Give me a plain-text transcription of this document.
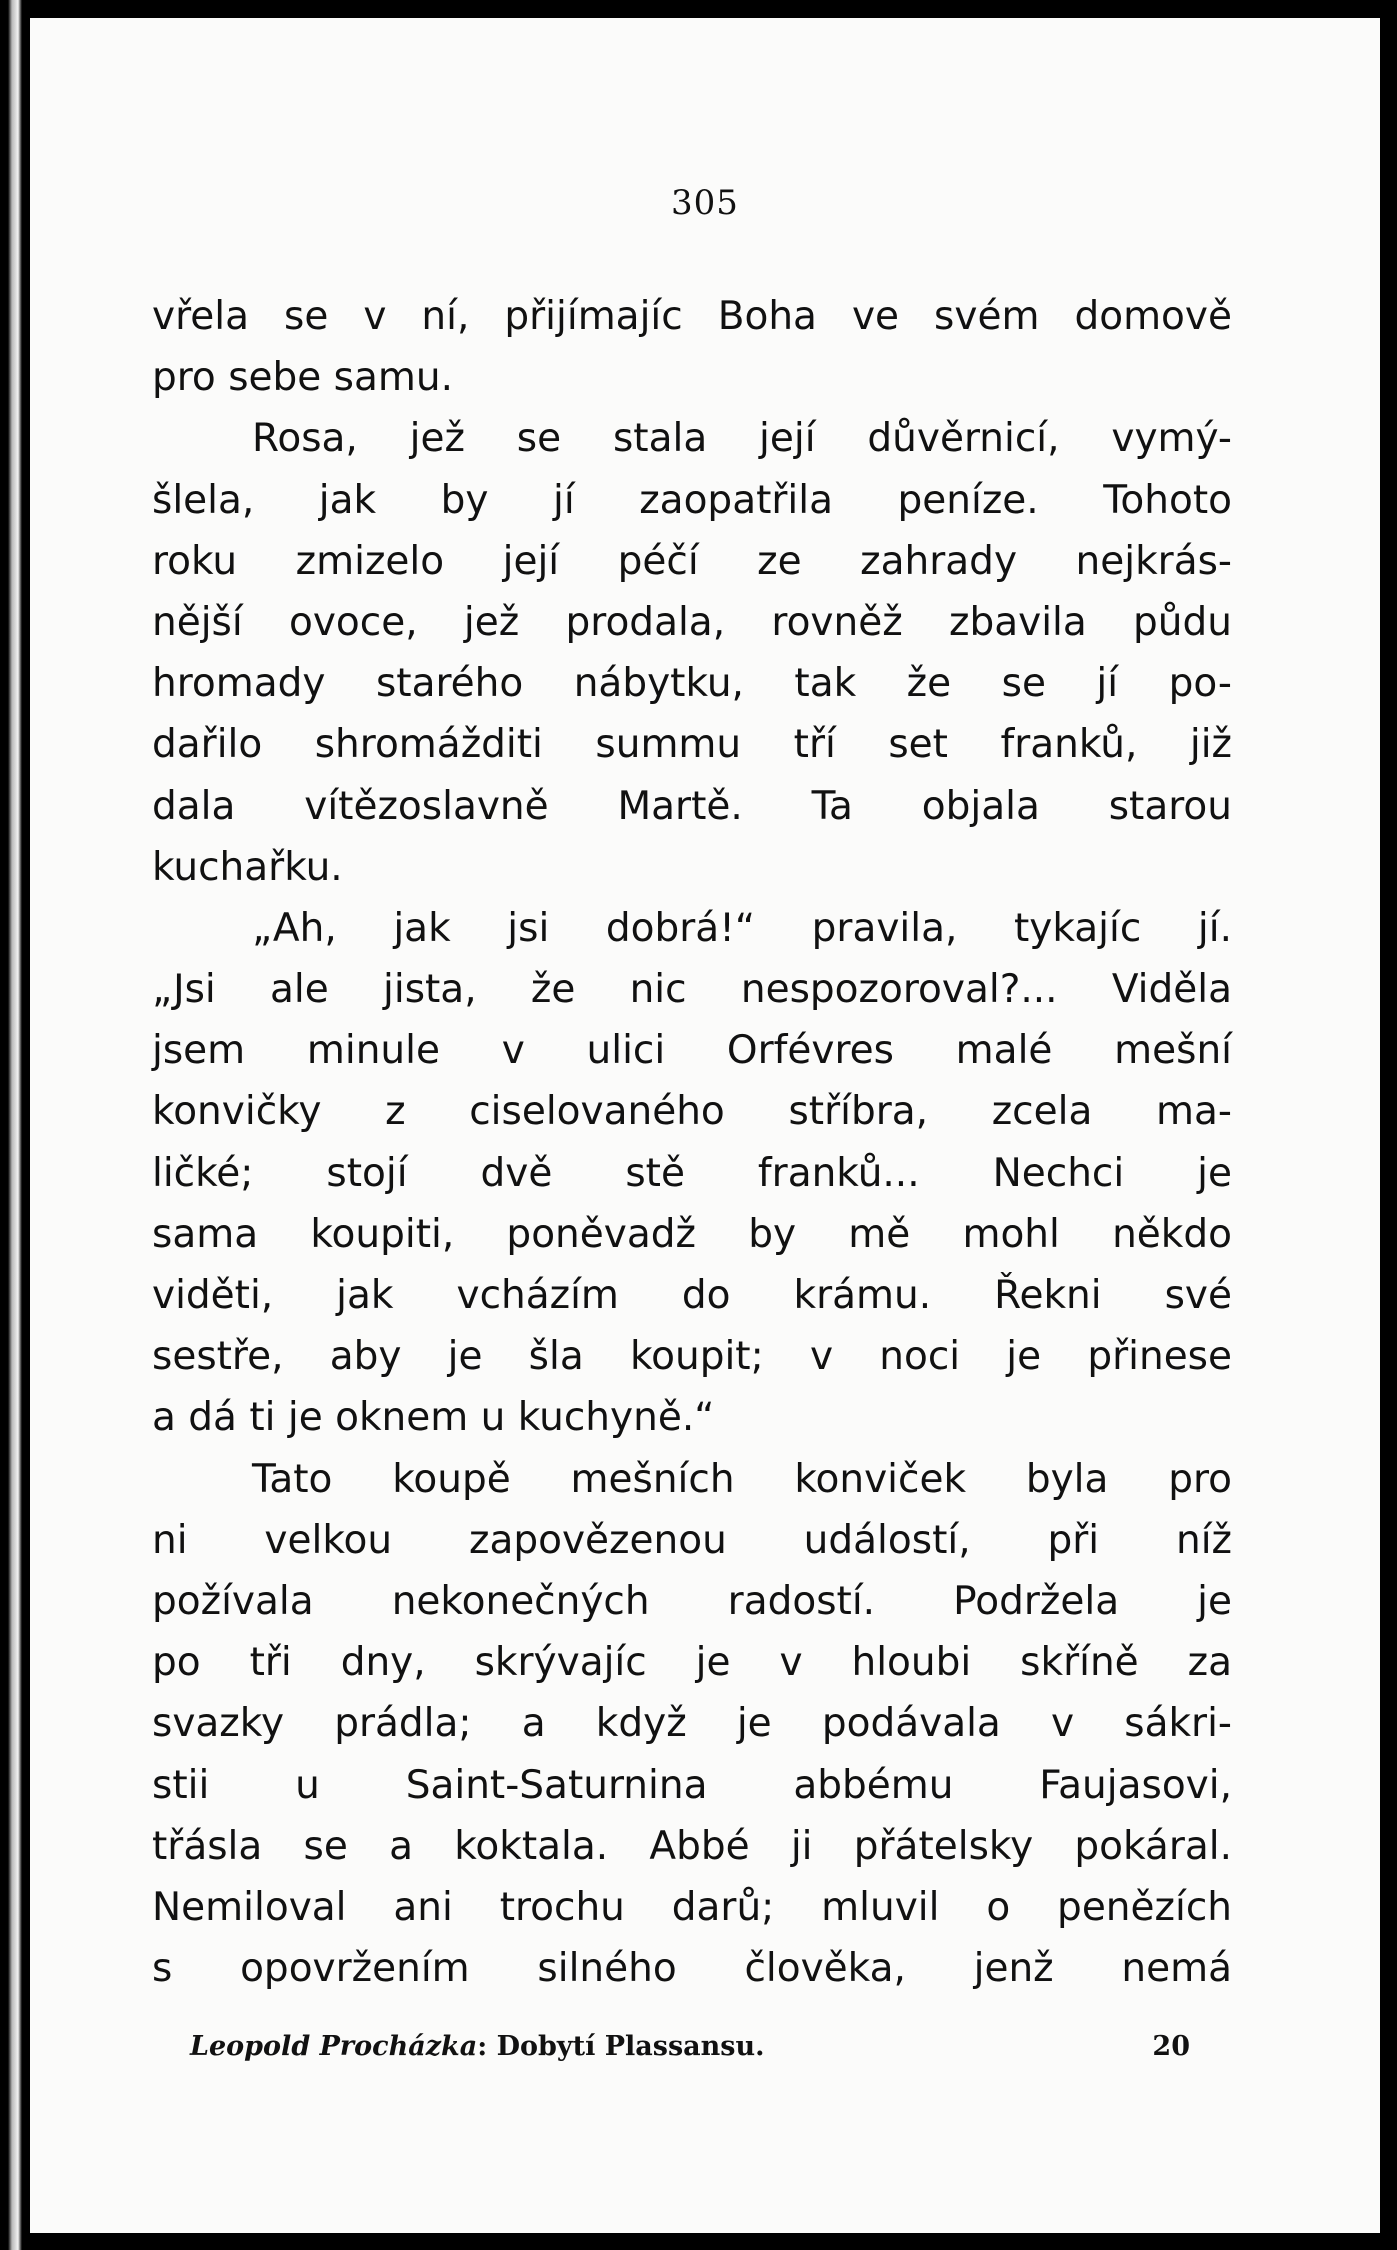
305
vřela se v ní, přijímajíc Boha ve svém domově
pro sebe samu.
Rosa, jež se stala její důvěrnicí, vymý-
šlela, jak by jí zaopatřila peníze. Tohoto
roku zmizelo její péčí ze zahrady nejkrás-
nější ovoce, jež prodala, rovněž zbavila půdu
hromady starého nábytku, tak že se jí po-
dařilo shromážditi summu tří set franků, již
dala vítězoslavně Martě. Ta objala starou
kuchařku.
„Ah, jak jsi dobrá!“ pravila, tykajíc jí.
„Jsi ale jista, že nic nespozoroval?... Viděla
jsem minule v ulici Orfévres malé mešní
konvičky z ciselovaného stříbra, zcela ma-
ličké; stojí dvě stě franků... Nechci je
sama koupiti, poněvadž by mě mohl někdo
viděti, jak vcházím do krámu. Řekni své
sestře, aby je šla koupit; v noci je přinese
a dá ti je oknem u kuchyně.“
Tato koupě mešních konviček byla pro
ni velkou zapovězenou událostí, při níž
požívala nekonečných radostí. Podržela je
po tři dny, skrývajíc je v hloubi skříně za
svazky prádla; a když je podávala v sákri-
stii u Saint-Saturnina abbému Faujasovi,
třásla se a koktala. Abbé ji přátelsky pokáral.
Nemiloval ani trochu darů; mluvil o penězích
s opovržením silného člověka, jenž nemá
Leopold Procházka: Dobytí Plassansu.	20
